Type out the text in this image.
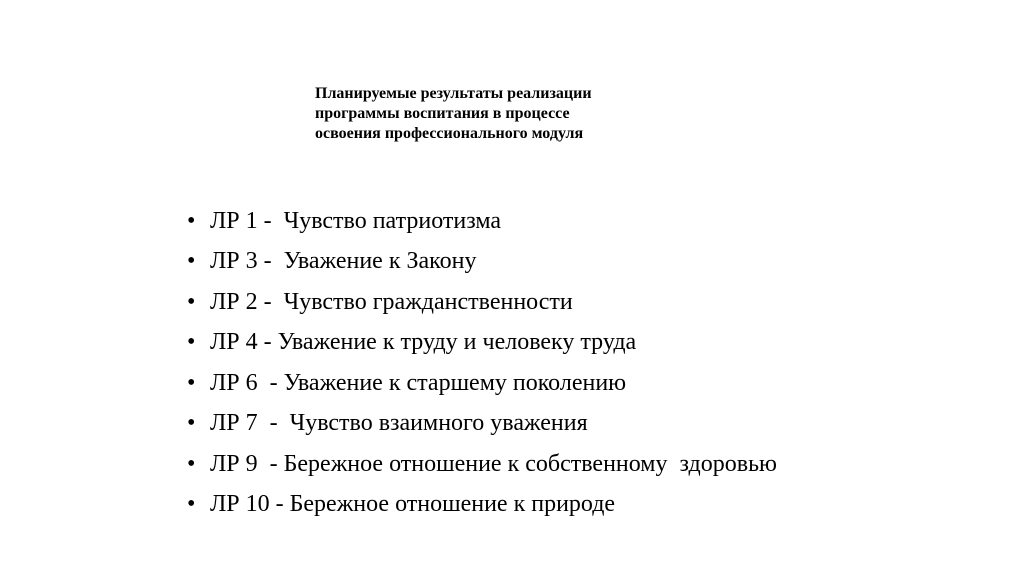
Планируемые результаты реализации
программы воспитания в процессе
освоения профессионального модуля

• ЛР 1 -  Чувство патриотизма

• ЛР 3 -  Уважение к Закону

• ЛР 2 -  Чувство гражданственности

• ЛР 4 - Уважение к труду и человеку труда

• ЛР 6  - Уважение к старшему поколению

• ЛР 7  -  Чувство взаимного уважения

• ЛР 9  - Бережное отношение к собственному  здоровью

• ЛР 10 - Бережное отношение к природе
